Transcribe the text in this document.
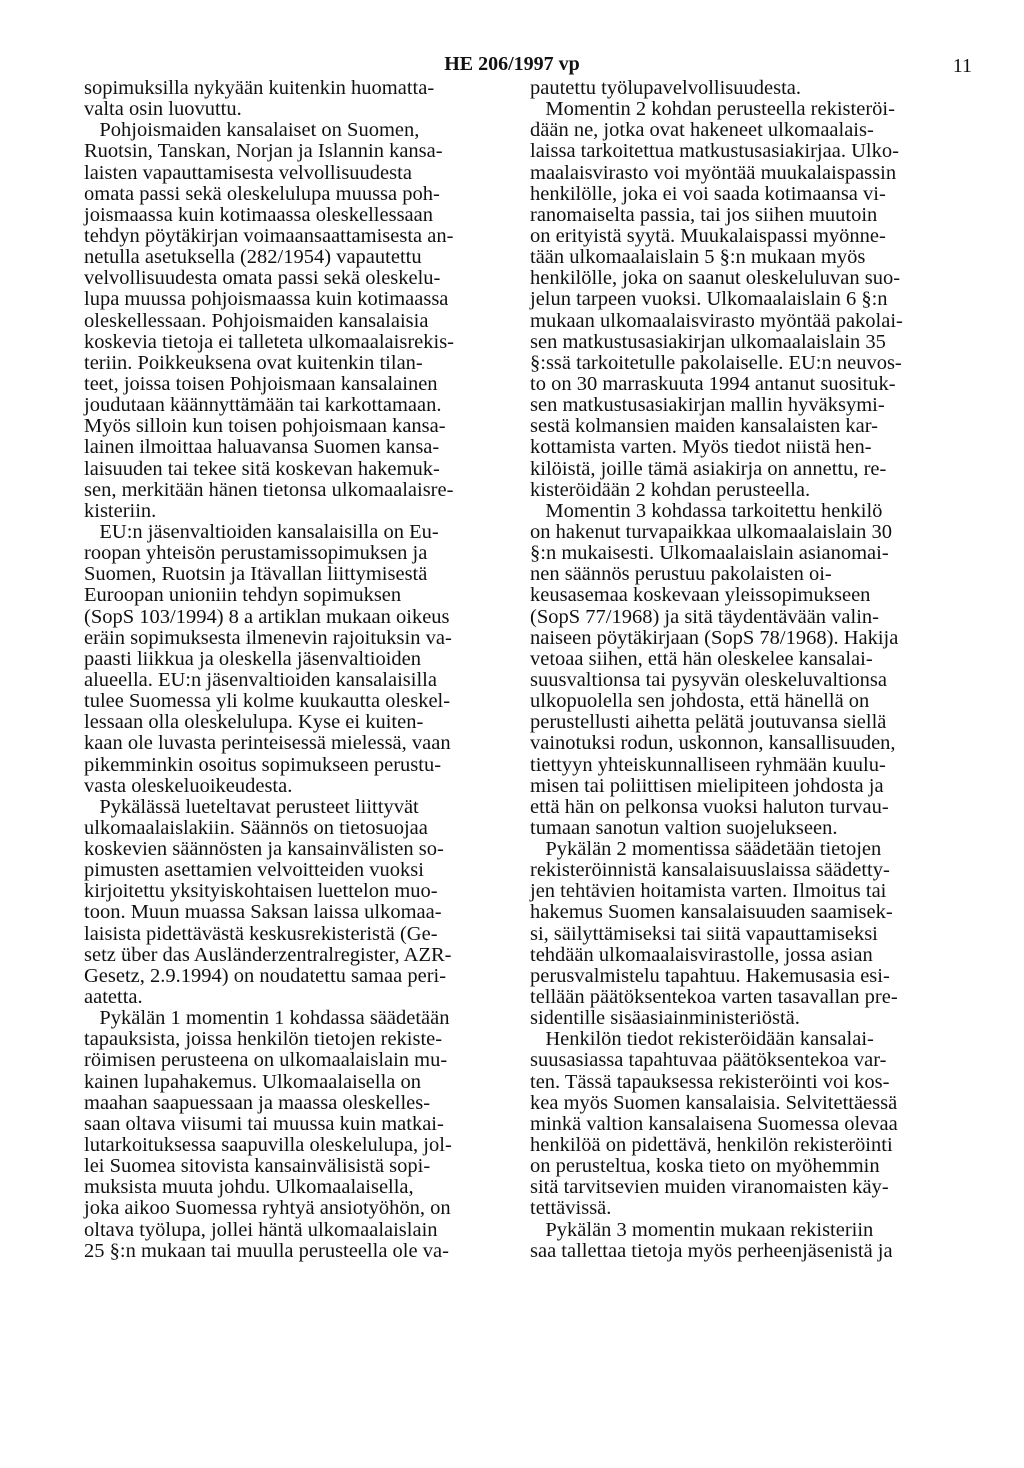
HE 206/1997 vp	11
sopimuksilla nykyään kuitenkin huomatta-
valta osin luovuttu.
Pohjoismaiden kansalaiset on Suomen,
Ruotsin, Tanskan, Norjan ja Islannin kansa-
laisten vapauttamisesta velvollisuudesta
omata passi sekä oleskelulupa muussa poh-
joismaassa kuin kotimaassa oleskellessaan
tehdyn pöytäkirjan voimaansaattamisesta an-
netulla asetuksella (282/1954) vapautettu
velvollisuudesta omata passi sekä oleskelu-
lupa muussa pohjoismaassa kuin kotimaassa
oleskellessaan. Pohjoismaiden kansalaisia
koskevia tietoja ei talleteta ulkomaalaisrekis-
teriin. Poikkeuksena ovat kuitenkin tilan-
teet, joissa toisen Pohjoismaan kansalainen
joudutaan käännyttämään tai karkottamaan.
Myös silloin kun toisen pohjoismaan kansa-
lainen ilmoittaa haluavansa Suomen kansa-
laisuuden tai tekee sitä koskevan hakemuk-
sen, merkitään hänen tietonsa ulkomaalaisre-
kisteriin.
EU:n jäsenvaltioiden kansalaisilla on Eu-
roopan yhteisön perustamissopimuksen ja
Suomen, Ruotsin ja Itävallan liittymisestä
Euroopan unioniin tehdyn sopimuksen
(SopS 103/1994) 8 a artiklan mukaan oikeus
eräin sopimuksesta ilmenevin rajoituksin va-
paasti liikkua ja oleskella jäsenvaltioiden
alueella. EU:n jäsenvaltioiden kansalaisilla
tulee Suomessa yli kolme kuukautta oleskel-
lessaan olla oleskelulupa. Kyse ei kuiten-
kaan ole luvasta perinteisessä mielessä, vaan
pikemminkin osoitus sopimukseen perustu-
vasta oleskeluoikeudesta.
Pykälässä lueteltavat perusteet liittyvät
ulkomaalaislakiin. Säännös on tietosuojaa
koskevien säännösten ja kansainvälisten so-
pimusten asettamien velvoitteiden vuoksi
kirjoitettu yksityiskohtaisen luettelon muo-
toon. Muun muassa Saksan laissa ulkomaa-
laisista pidettävästä keskusrekisteristä (Ge-
setz über das Ausländerzentralregister, AZR-
Gesetz, 2.9.1994) on noudatettu samaa peri-
aatetta.
Pykälän 1 momentin 1 kohdassa säädetään
tapauksista, joissa henkilön tietojen rekiste-
röimisen perusteena on ulkomaalaislain mu-
kainen lupahakemus. Ulkomaalaisella on
maahan saapuessaan ja maassa oleskelles-
saan oltava viisumi tai muussa kuin matkai-
lutarkoituksessa saapuvilla oleskelulupa, jol-
lei Suomea sitovista kansainvälisistä sopi-
muksista muuta johdu. Ulkomaalaisella,
joka aikoo Suomessa ryhtyä ansiotyöhön, on
oltava työlupa, jollei häntä ulkomaalaislain
25 §:n mukaan tai muulla perusteella ole va-
pautettu työlupavelvollisuudesta.
Momentin 2 kohdan perusteella rekisteröi-
dään ne, jotka ovat hakeneet ulkomaalais-
laissa tarkoitettua matkustusasiakirjaa. Ulko-
maalaisvirasto voi myöntää muukalaispassin
henkilölle, joka ei voi saada kotimaansa vi-
ranomaiselta passia, tai jos siihen muutoin
on erityistä syytä. Muukalaispassi myönne-
tään ulkomaalaislain 5 §:n mukaan myös
henkilölle, joka on saanut oleskeluluvan suo-
jelun tarpeen vuoksi. Ulkomaalaislain 6 §:n
mukaan ulkomaalaisvirasto myöntää pakolai-
sen matkustusasiakirjan ulkomaalaislain 35
§:ssä tarkoitetulle pakolaiselle. EU:n neuvos-
to on 30 marraskuuta 1994 antanut suosituk-
sen matkustusasiakirjan mallin hyväksymi-
sestä kolmansien maiden kansalaisten kar-
kottamista varten. Myös tiedot niistä hen-
kilöistä, joille tämä asiakirja on annettu, re-
kisteröidään 2 kohdan perusteella.
Momentin 3 kohdassa tarkoitettu henkilö
on hakenut turvapaikkaa ulkomaalaislain 30
§:n mukaisesti. Ulkomaalaislain asianomai-
nen säännös perustuu pakolaisten oi-
keusasemaa koskevaan yleissopimukseen
(SopS 77/1968) ja sitä täydentävään valin-
naiseen pöytäkirjaan (SopS 78/1968). Hakija
vetoaa siihen, että hän oleskelee kansalai-
suusvaltionsa tai pysyvän oleskeluvaltionsa
ulkopuolella sen johdosta, että hänellä on
perustellusti aihetta pelätä joutuvansa siellä
vainotuksi rodun, uskonnon, kansallisuuden,
tiettyyn yhteiskunnalliseen ryhmään kuulu-
misen tai poliittisen mielipiteen johdosta ja
että hän on pelkonsa vuoksi haluton turvau-
tumaan sanotun valtion suojelukseen.
Pykälän 2 momentissa säädetään tietojen
rekisteröinnistä kansalaisuuslaissa säädetty-
jen tehtävien hoitamista varten. Ilmoitus tai
hakemus Suomen kansalaisuuden saamisek-
si, säilyttämiseksi tai siitä vapauttamiseksi
tehdään ulkomaalaisvirastolle, jossa asian
perusvalmistelu tapahtuu. Hakemusasia esi-
tellään päätöksentekoa varten tasavallan pre-
sidentille sisäasiainministeriöstä.
Henkilön tiedot rekisteröidään kansalai-
suusasiassa tapahtuvaa päätöksentekoa var-
ten. Tässä tapauksessa rekisteröinti voi kos-
kea myös Suomen kansalaisia. Selvitettäessä
minkä valtion kansalaisena Suomessa olevaa
henkilöä on pidettävä, henkilön rekisteröinti
on perusteltua, koska tieto on myöhemmin
sitä tarvitsevien muiden viranomaisten käy-
tettävissä.
Pykälän 3 momentin mukaan rekisteriin
saa tallettaa tietoja myös perheenjäsenistä ja
